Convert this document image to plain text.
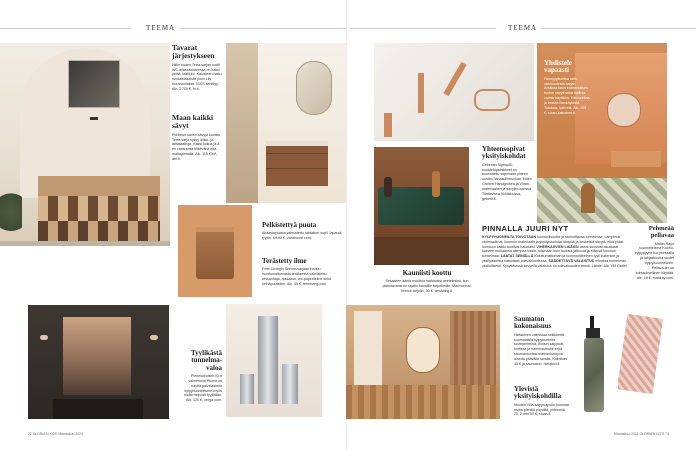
TEEMA	TEEMA
Tavarat järjestykseen
Hiflin uuden Terra-sarjan kodit WC-allaskalusteessa on kaksi peiliä, laatikko. Kalusteen hattu rundaislaseista (kuin Lily Kuussurilakke. ISCS kehittyy. Alk. 3 700 €, hi-fi.
Maan kaikki sävyt
Pohtelun saven sävyjä kootaa Terre-sarja syksy leikki- ja lattialaattoja. Kaksi kokoa ja 8 eri väriä sekä kiiltävänä että mattapinnalla. Alk. 115 €/m², abl.fi.
Pelkistettyä puuta
Akaasiapuusta valmistettu rakkakori sopii Japandi-tyyliin. 69,95 €, zarahome.com.
Terästetty ilme
Ferm Livingin Seeme-sarjaan kuuluu ruostumattomasta teräksestä valmistettu ressanhaja, raskakori, wc-paperiteline sekä seinäpuuteline. Alk. 45 €, fermliving.com.
Tyylikästä tunnelma-valoa
Pienekokoisen ID:n vaimennus Piuma on näyttä palvelasteita kylpyhuoneeseen myös muita helposti tyyliltään. Alk. 120 €, nerga.com.
72 GLORIA'N KOTI Marraskuu 2024
Yhdistele vapaasti
Fannyyyitumisa sielu vanhuudesta sarjan. Antakaa tosin kolmenlaisen tuoton sävyä sekä hallinta, valmis käyttöön. Värivalintaa ja kestää liiankäytöstä. Tuloksia, kahvelit. Alk. 105 €, sloan-kalusteet.fi.
Yhteensopivat yksityiskohdat
Geberitin Sigma40-huuhtelupainikkeet on suunniteltu sopimaan yhteen uusien hanasuihmunkan, kuten Grohen Handgrohen ja Vitran, materiaalien ja sävyjen kanssa. Tilattavissa huhtikuussa, geberit.fi.
PINNALLA JUURI NYT
KYLPYHUONEILTA TOIVOTAAN luonnollisuutta ja rauhoittavaa tunnelmaa. Lämpimät värimaailmat, luonnon materiaalit ja yksityiskohdat lämpöä ja keskeisiä sävyjä, eikä yöksi luontoon kaikki tuottivat haluttaisi. VIHERKASVIEN LISÄKSI useat suosivat asukkaat kasvien mukaansa aiempaa toisia, toisinaan kuin tuoksut jatkuvat ja eläinsä luonnon tunnelmaa. LAATAT SEINÄLLÄ Kuluttumattoman ja luonnonläheinen tyyli kuitenkin ja yksityiskohtia katsotaan tulevaisuudessa. SÄÄDETTÄVÄ VALAISTUS muuttaa tunnelman yksilöllisesti. Kysyttävissä kevyellä valaistus on tulevaisuuden trendi. Lähde: Alk. VM Outlet
Kauniisti koottu
Sekaisten ääniä muuttuu harkituiksi asetelmiksi, kun pikkutavarat on rajattu kauniille tarjottimille. Marmorinen Venice-tarjotin, 50 €, westwing.fi.
Pehmeää pellavaa
Mattin Rayn suunnittelema Kuohu-kylpypyyhe tuo puhtaalla ja lahjakkuutta suutet kylpyhuoneeseen. Pellava-ter on kohtauksellinen käyttää. Alk. 18 €, mattiray.com.
Saumaton kokonaisuus
Hietakiven valmistaa kekikkeitä suomalaisia kylpytuotteita tuoteperheinä. Kiviset saippuat, kortissa ja hammasmukit sekä saumantuntaa-mannerhentyvä ainetta pitävällä tavalla. Kulmikas 45 € ja saumaton. hietakivi.fi.
Ylevistä yksityiskohdilla
Moubin Villa-saippuapullo huomaa muka pienillä pöydillä, yhteensä 20, 2 mm 50 €, sloan.fi.
Marraskuu 2024 GLORIA'N KOTI 73
